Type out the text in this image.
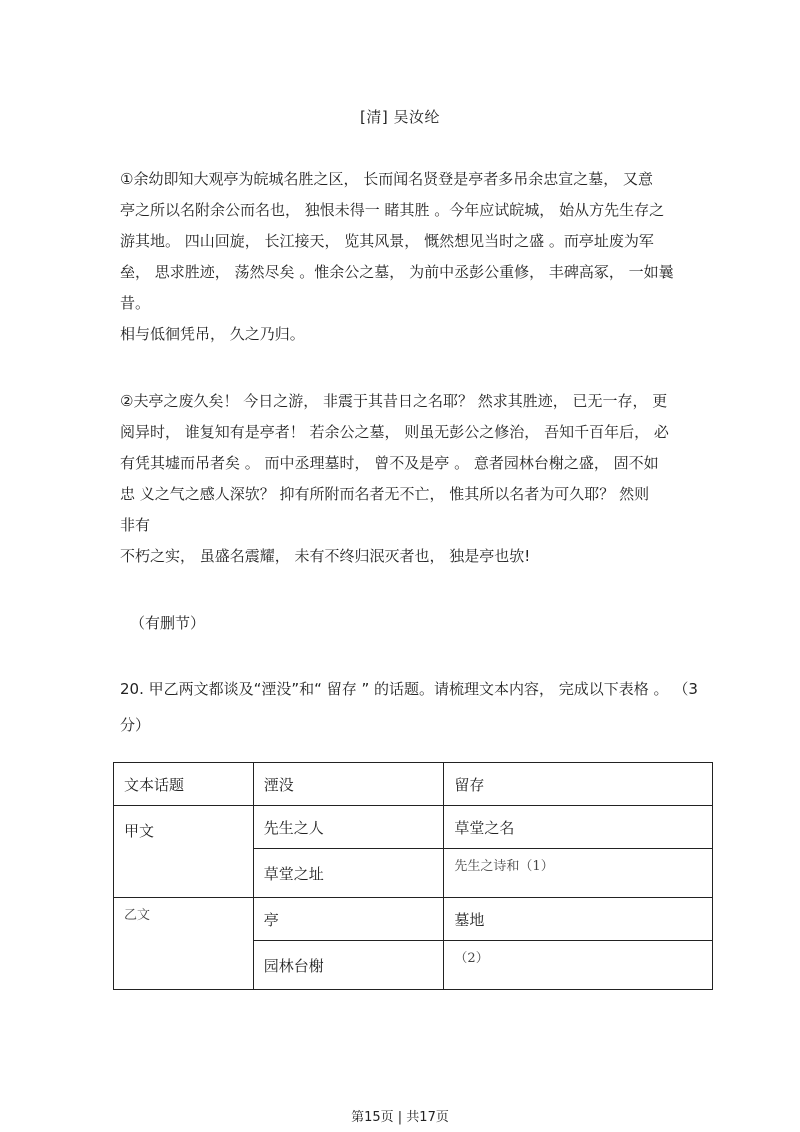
[清] 吴汝纶
①余幼即知大观亭为皖城名胜之区， 长而闻名贤登是亭者多吊余忠宣之墓， 又意
亭之所以名附余公而名也， 独恨未得一 睹其胜 。今年应试皖城， 始从方先生存之
游其地。 四山回旋， 长江接天， 览其风景， 慨然想见当时之盛 。而亭址废为军
垒， 思求胜迹， 荡然尽矣 。惟余公之墓， 为前中丞彭公重修， 丰碑高冢， 一如曩
昔。
相与低徊凭吊， 久之乃归。
②夫亭之废久矣！ 今日之游， 非震于其昔日之名耶？ 然求其胜迹， 已无一存， 更
阅异时， 谁复知有是亭者！ 若余公之墓， 则虽无彭公之修治， 吾知千百年后， 必
有凭其墟而吊者矣 。 而中丞理墓时， 曾不及是亭 。 意者园林台榭之盛， 固不如
忠 义之气之感人深欤？ 抑有所附而名者无不亡， 惟其所以名者为可久耶？ 然则
非有
不朽之实， 虽盛名震耀， 未有不终归泯灭者也， 独是亭也欤!
（有删节）
20. 甲乙两文都谈及“湮没”和“ 留存 ” 的话题。请梳理文本内容， 完成以下表格 。 （3
分）
文本话题	湮没	留存
甲文	先生之人	草堂之名
	草堂之址	先生之诗和（1）
乙文	亭	墓地
	园林台榭	（2）
第15页 | 共17页
